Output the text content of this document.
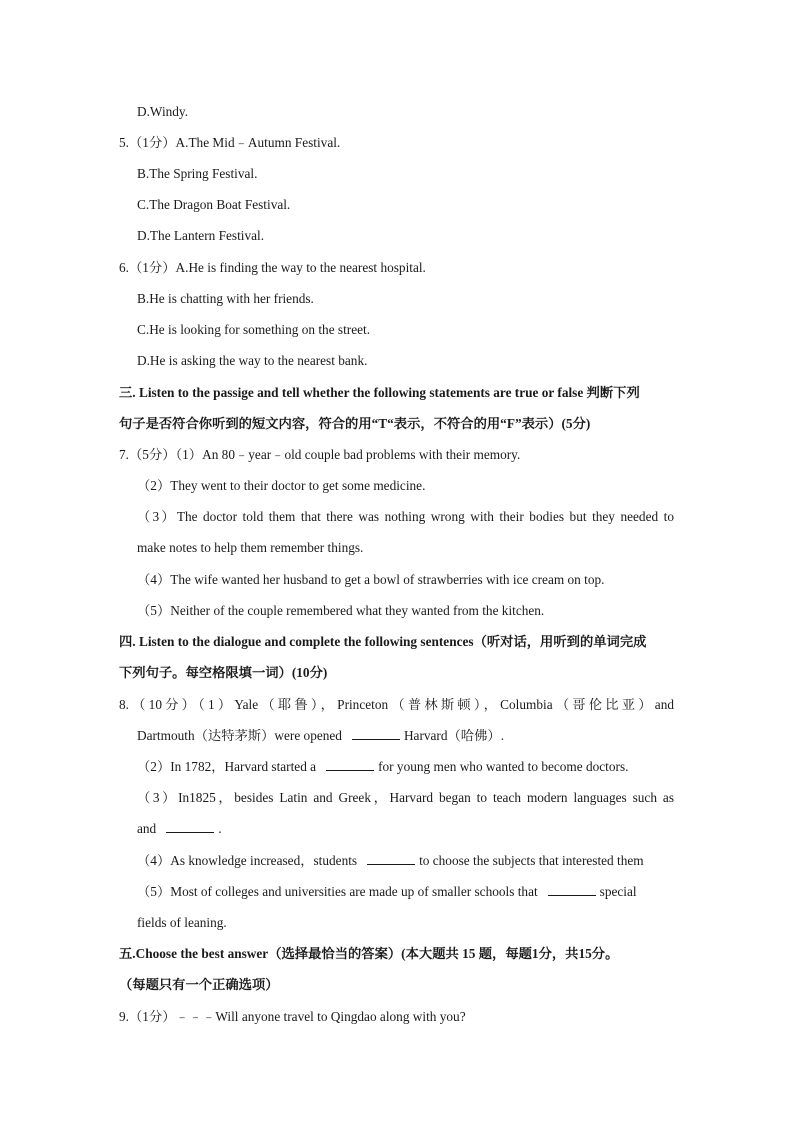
D.Windy.
5.（1分）A.The Mid﹣Autumn Festival.
B.The Spring Festival.
C.The Dragon Boat Festival.
D.The Lantern Festival.
6.（1分）A.He is finding the way to the nearest hospital.
B.He is chatting with her friends.
C.He is looking for something on the street.
D.He is asking the way to the nearest bank.
三. Listen to the passige and tell whether the following statements are true or false 判断下列
句子是否符合你听到的短文内容，符合的用“T“表示，不符合的用“F”表示）(5分)
7.（5分）（1）An 80﹣year﹣old couple bad problems with their memory.
（2）They went to their doctor to get some medicine.
（3）The doctor told them that there was nothing wrong with their bodies but they needed to
make notes to help them remember things.
（4）The wife wanted her husband to get a bowl of strawberries with ice cream on top.
（5）Neither of the couple remembered what they wanted from the kitchen.
四. Listen to the dialogue and complete the following sentences（听对话，用听到的单词完成
下列句子。每空格限填一词）(10分)
8.（10分）（1）Yale（耶鲁），Princeton（普林斯顿），Columbia（哥伦比亚）and
Dartmouth（达特茅斯）were opened	Harvard（哈佛）.
（2）In 1782，Harvard started a	for young men who wanted to become doctors.
（3）In1825，besides Latin and Greek，Harvard began to teach modern languages such as
and	.
（4）As knowledge increased，students	to choose the subjects that interested them
（5）Most of colleges and universities are made up of smaller schools that	special
fields of leaning.
五.Choose the best answer（选择最恰当的答案）(本大题共 15 题，每题1分，共15分。
（每题只有一个正确选项）
9.（1分）﹣﹣﹣Will anyone travel to Qingdao along with you?
